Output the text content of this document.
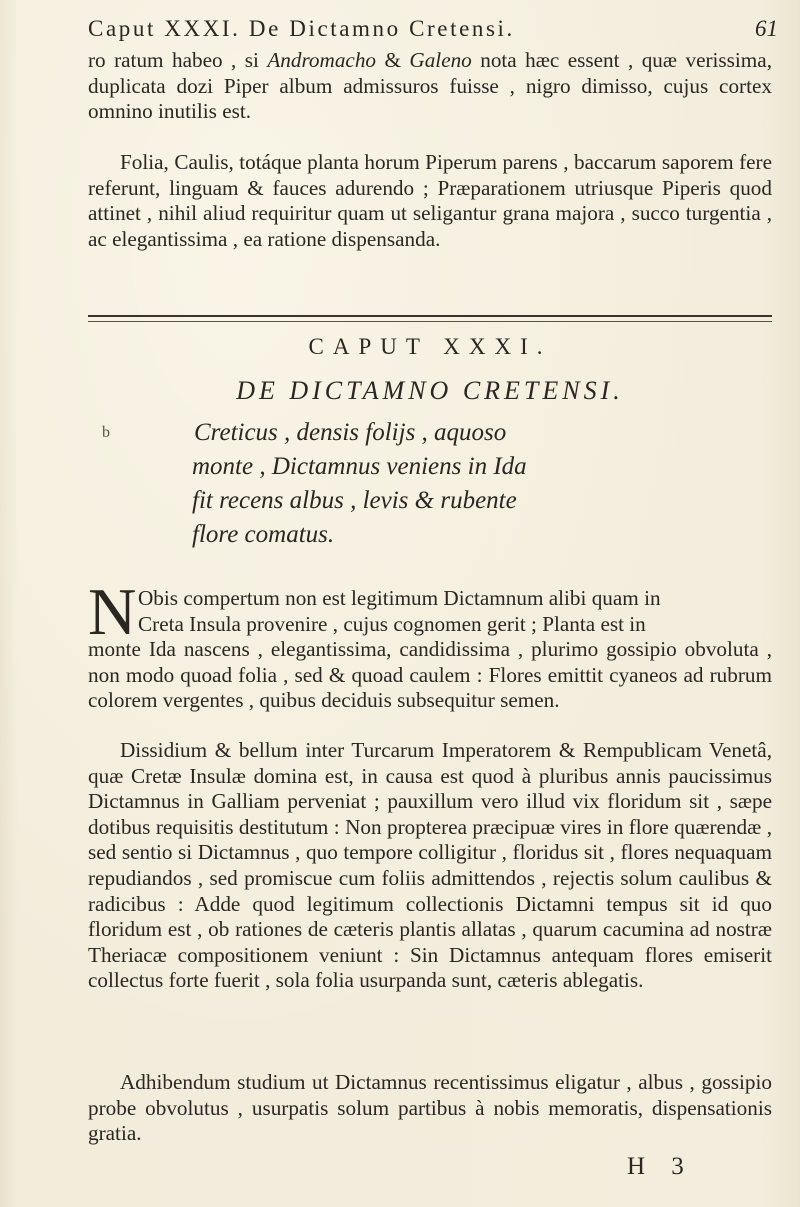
Caput XXXI. De Dictamno Cretensi.	61

ro ratum habeo , si Andromacho & Galeno nota hæc essent , quæ verissima, duplicata dozi Piper album admissuros fuisse , nigro dimisso, cujus cortex omnino inutilis est.

Folia, Caulis, totáque planta horum Piperum parens , baccarum saporem fere referunt, linguam & fauces adurendo ; Præparationem utriusque Piperis quod attinet , nihil aliud requiritur quam ut seligantur grana majora , succo turgentia , ac elegantissima , ea ratione dispensanda.

CAPUT XXXI.
DE DICTAMNO CRETENSI.
b	Creticus , densis folijs , aquoso
monte , Dictamnus veniens in Ida
fit recens albus , levis & rubente
flore comatus.
N Obis compertum non est legitimum Dictamnum alibi quam in
Creta Insula provenire , cujus cognomen gerit ; Planta est in
monte Ida nascens , elegantissima, candidissima , plurimo gossipio obvoluta , non modo quoad folia , sed & quoad caulem : Flores emittit cyaneos ad rubrum colorem vergentes , quibus deciduis subsequitur semen.

Dissidium & bellum inter Turcarum Imperatorem & Rempublicam Venetâ, quæ Cretæ Insulæ domina est, in causa est quod à pluribus annis paucissimus Dictamnus in Galliam perveniat ; pauxillum vero illud vix floridum sit , sæpe dotibus requisitis destitutum : Non propterea præcipuæ vires in flore quærendæ , sed sentio si Dictamnus , quo tempore colligitur , floridus sit , flores nequaquam repudiandos , sed promiscue cum foliis admittendos , rejectis solum caulibus & radicibus : Adde quod legitimum collectionis Dictamni tempus sit id quo floridum est , ob rationes de cæteris plantis allatas , quarum cacumina ad nostræ Theriacæ compositionem veniunt : Sin Dictamnus antequam flores emiserit collectus forte fuerit , sola folia usurpanda sunt, cæteris ablegatis.

Adhibendum studium ut Dictamnus recentissimus eligatur , albus , gossipio probe obvolutus , usurpatis solum partibus à nobis memoratis, dispensationis gratia.

H 3
